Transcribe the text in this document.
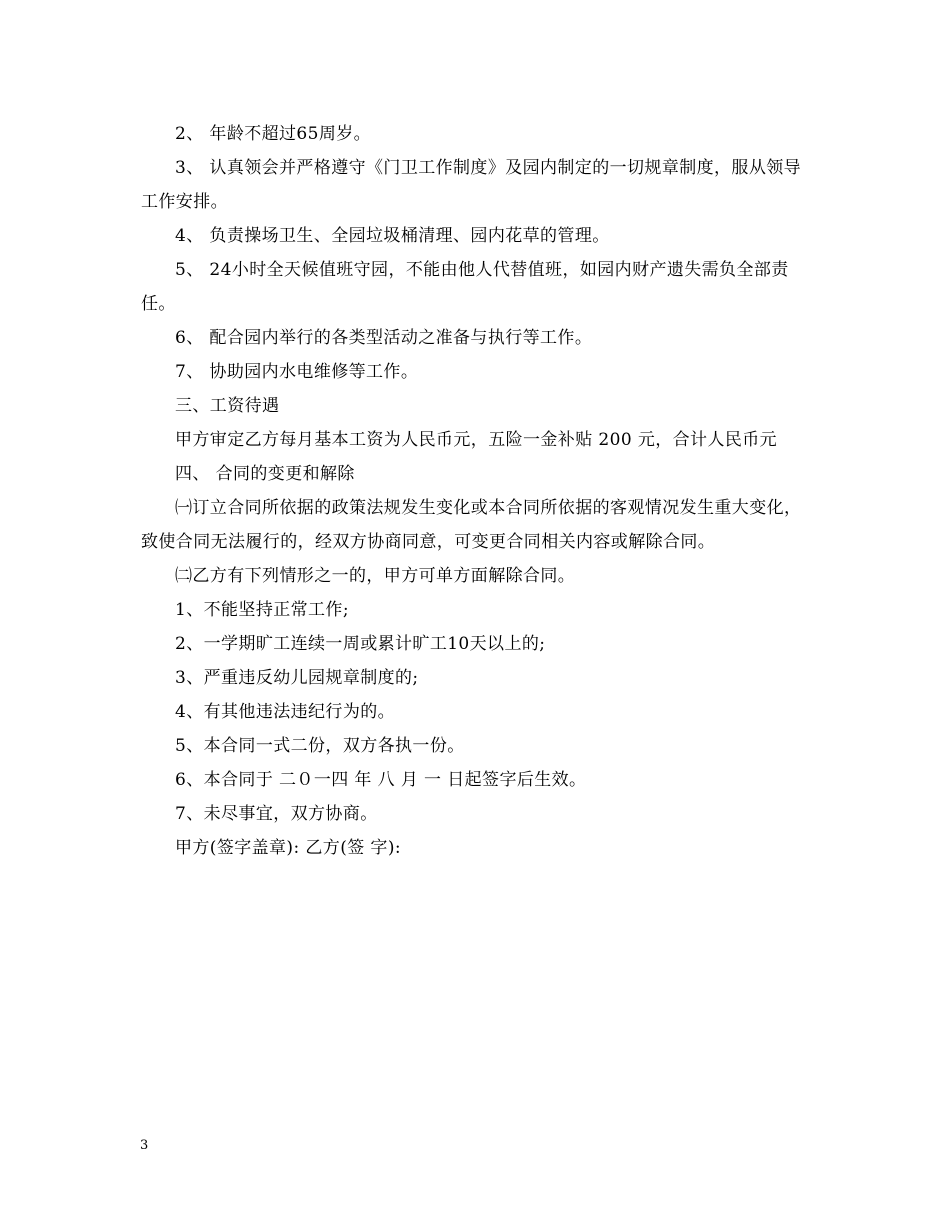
2、 年龄不超过65周岁。

3、 认真领会并严格遵守《门卫工作制度》及园内制定的一切规章制度，服从领导工作安排。

4、 负责操场卫生、全园垃圾桶清理、园内花草的管理。

5、 24小时全天候值班守园，不能由他人代替值班，如园内财产遗失需负全部责任。

6、 配合园内举行的各类型活动之准备与执行等工作。

7、 协助园内水电维修等工作。

三、工资待遇

甲方审定乙方每月基本工资为人民币元，五险一金补贴 200 元，合计人民币元

四、 合同的变更和解除

㈠订立合同所依据的政策法规发生变化或本合同所依据的客观情况发生重大变化，致使合同无法履行的，经双方协商同意，可变更合同相关内容或解除合同。

㈡乙方有下列情形之一的，甲方可单方面解除合同。

1、不能坚持正常工作;

2、一学期旷工连续一周或累计旷工10天以上的;

3、严重违反幼儿园规章制度的;

4、有其他违法违纪行为的。

5、本合同一式二份，双方各执一份。

6、本合同于 二０一四 年 八 月 一 日起签字后生效。

7、未尽事宜，双方协商。

甲方(签字盖章): 乙方(签 字):

3
